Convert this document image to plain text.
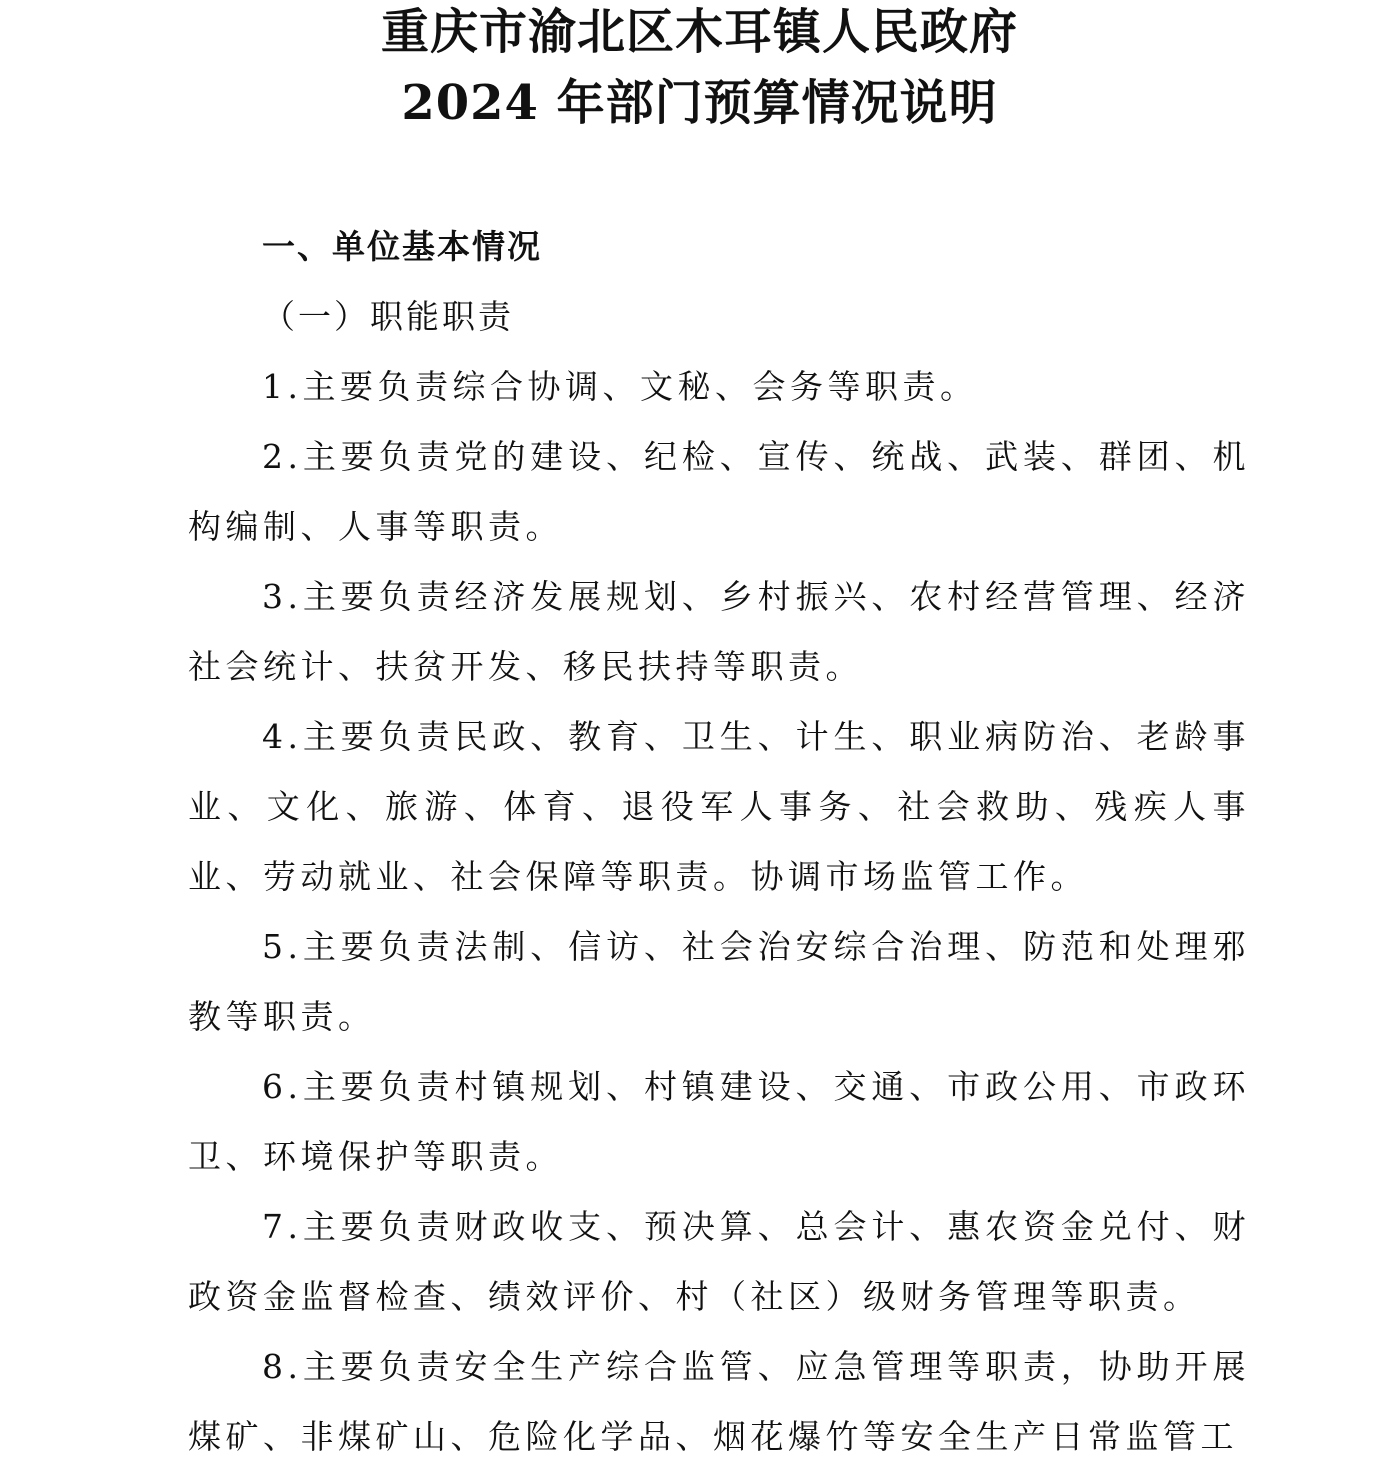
重庆市渝北区木耳镇人民政府
2024 年部门预算情况说明

一、单位基本情况

（一）职能职责

1.主要负责综合协调、文秘、会务等职责。

2.主要负责党的建设、纪检、宣传、统战、武装、群团、机构编制、人事等职责。

3.主要负责经济发展规划、乡村振兴、农村经营管理、经济社会统计、扶贫开发、移民扶持等职责。

4.主要负责民政、教育、卫生、计生、职业病防治、老龄事业、文化、旅游、体育、退役军人事务、社会救助、残疾人事业、劳动就业、社会保障等职责。协调市场监管工作。

5.主要负责法制、信访、社会治安综合治理、防范和处理邪教等职责。

6.主要负责村镇规划、村镇建设、交通、市政公用、市政环卫、环境保护等职责。

7.主要负责财政收支、预决算、总会计、惠农资金兑付、财政资金监督检查、绩效评价、村（社区）级财务管理等职责。

8.主要负责安全生产综合监管、应急管理等职责，协助开展煤矿、非煤矿山、危险化学品、烟花爆竹等安全生产日常监管工
